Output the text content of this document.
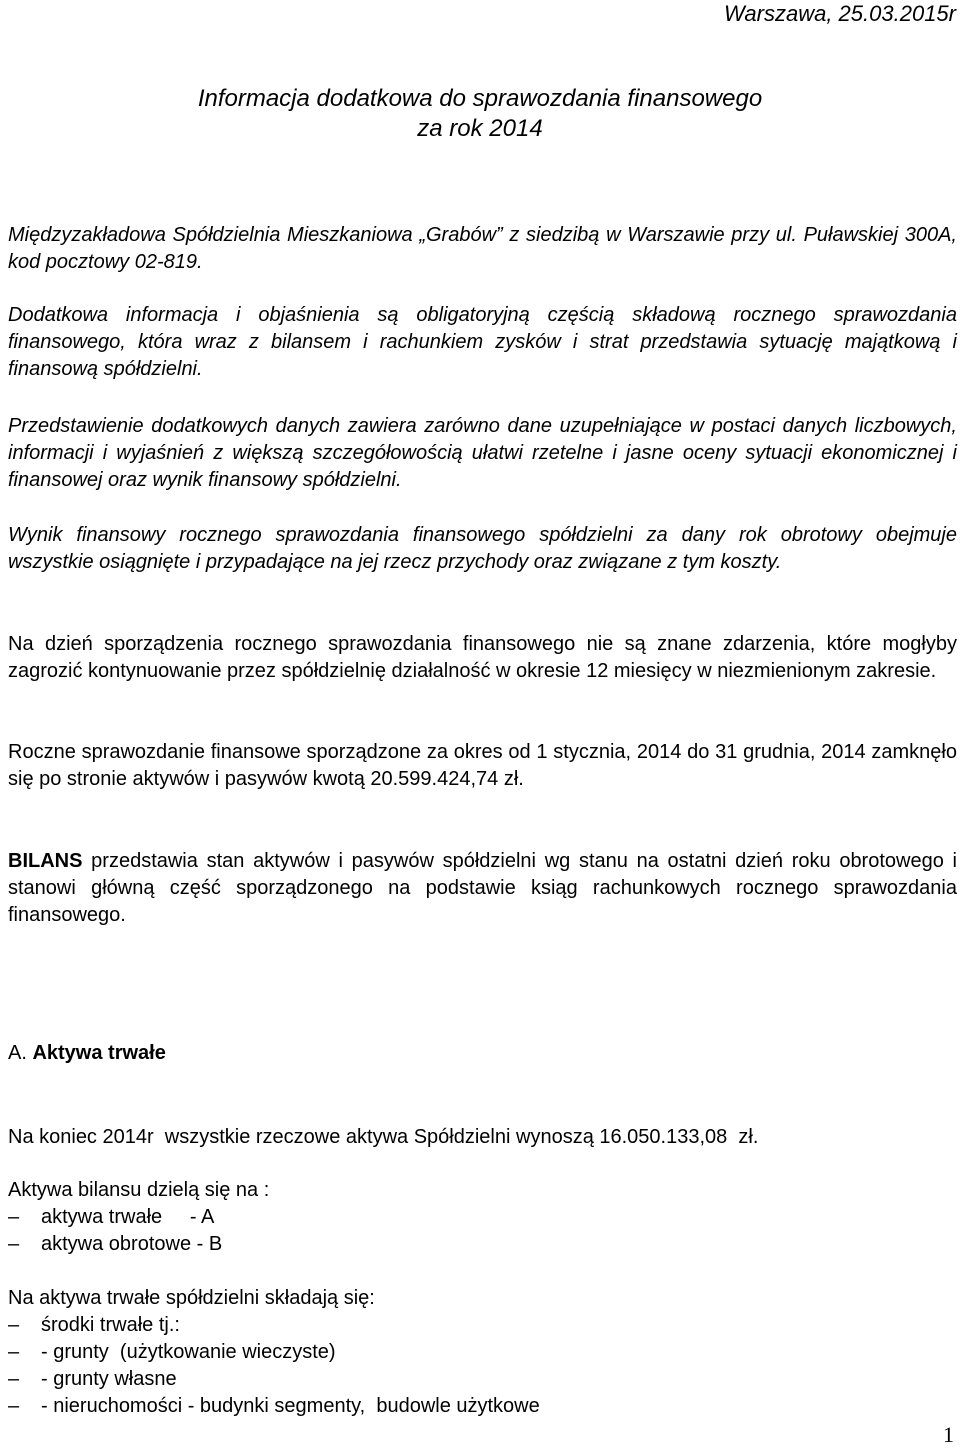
Warszawa, 25.03.2015r
Informacja dodatkowa do sprawozdania finansowego
za rok 2014

Międzyzakładowa Spółdzielnia Mieszkaniowa „Grabów” z siedzibą w Warszawie przy ul. Puławskiej 300A, kod pocztowy 02-819.

Dodatkowa informacja i objaśnienia są obligatoryjną częścią składową rocznego sprawozdania finansowego, która wraz z bilansem i rachunkiem zysków i strat przedstawia sytuację majątkową i finansową spółdzielni.

Przedstawienie dodatkowych danych zawiera zarówno dane uzupełniające w postaci danych liczbowych, informacji i wyjaśnień z większą szczegółowością ułatwi rzetelne i jasne oceny sytuacji ekonomicznej i finansowej oraz wynik finansowy spółdzielni.

Wynik finansowy rocznego sprawozdania finansowego spółdzielni za dany rok obrotowy obejmuje wszystkie osiągnięte i przypadające na jej rzecz przychody oraz związane z tym koszty.

Na dzień sporządzenia rocznego sprawozdania finansowego nie są znane zdarzenia, które mogłyby zagrozić kontynuowanie przez spółdzielnię działalność w okresie 12 miesięcy w niezmienionym zakresie.

Roczne sprawozdanie finansowe sporządzone za okres od 1 stycznia, 2014 do 31 grudnia, 2014 zamknęło się po stronie aktywów i pasywów kwotą 20.599.424,74 zł.

BILANS przedstawia stan aktywów i pasywów spółdzielni wg stanu na ostatni dzień roku obrotowego i stanowi główną część sporządzonego na podstawie ksiąg rachunkowych rocznego sprawozdania finansowego.

A. Aktywa trwałe

Na koniec 2014r  wszystkie rzeczowe aktywa Spółdzielni wynoszą 16.050.133,08  zł.

Aktywa bilansu dzielą się na :

– aktywa trwałe     - A
– aktywa obrotowe - B

Na aktywa trwałe spółdzielni składają się:

– środki trwałe tj.:
– - grunty  (użytkowanie wieczyste)
– - grunty własne
– - nieruchomości - budynki segmenty,  budowle użytkowe
1
